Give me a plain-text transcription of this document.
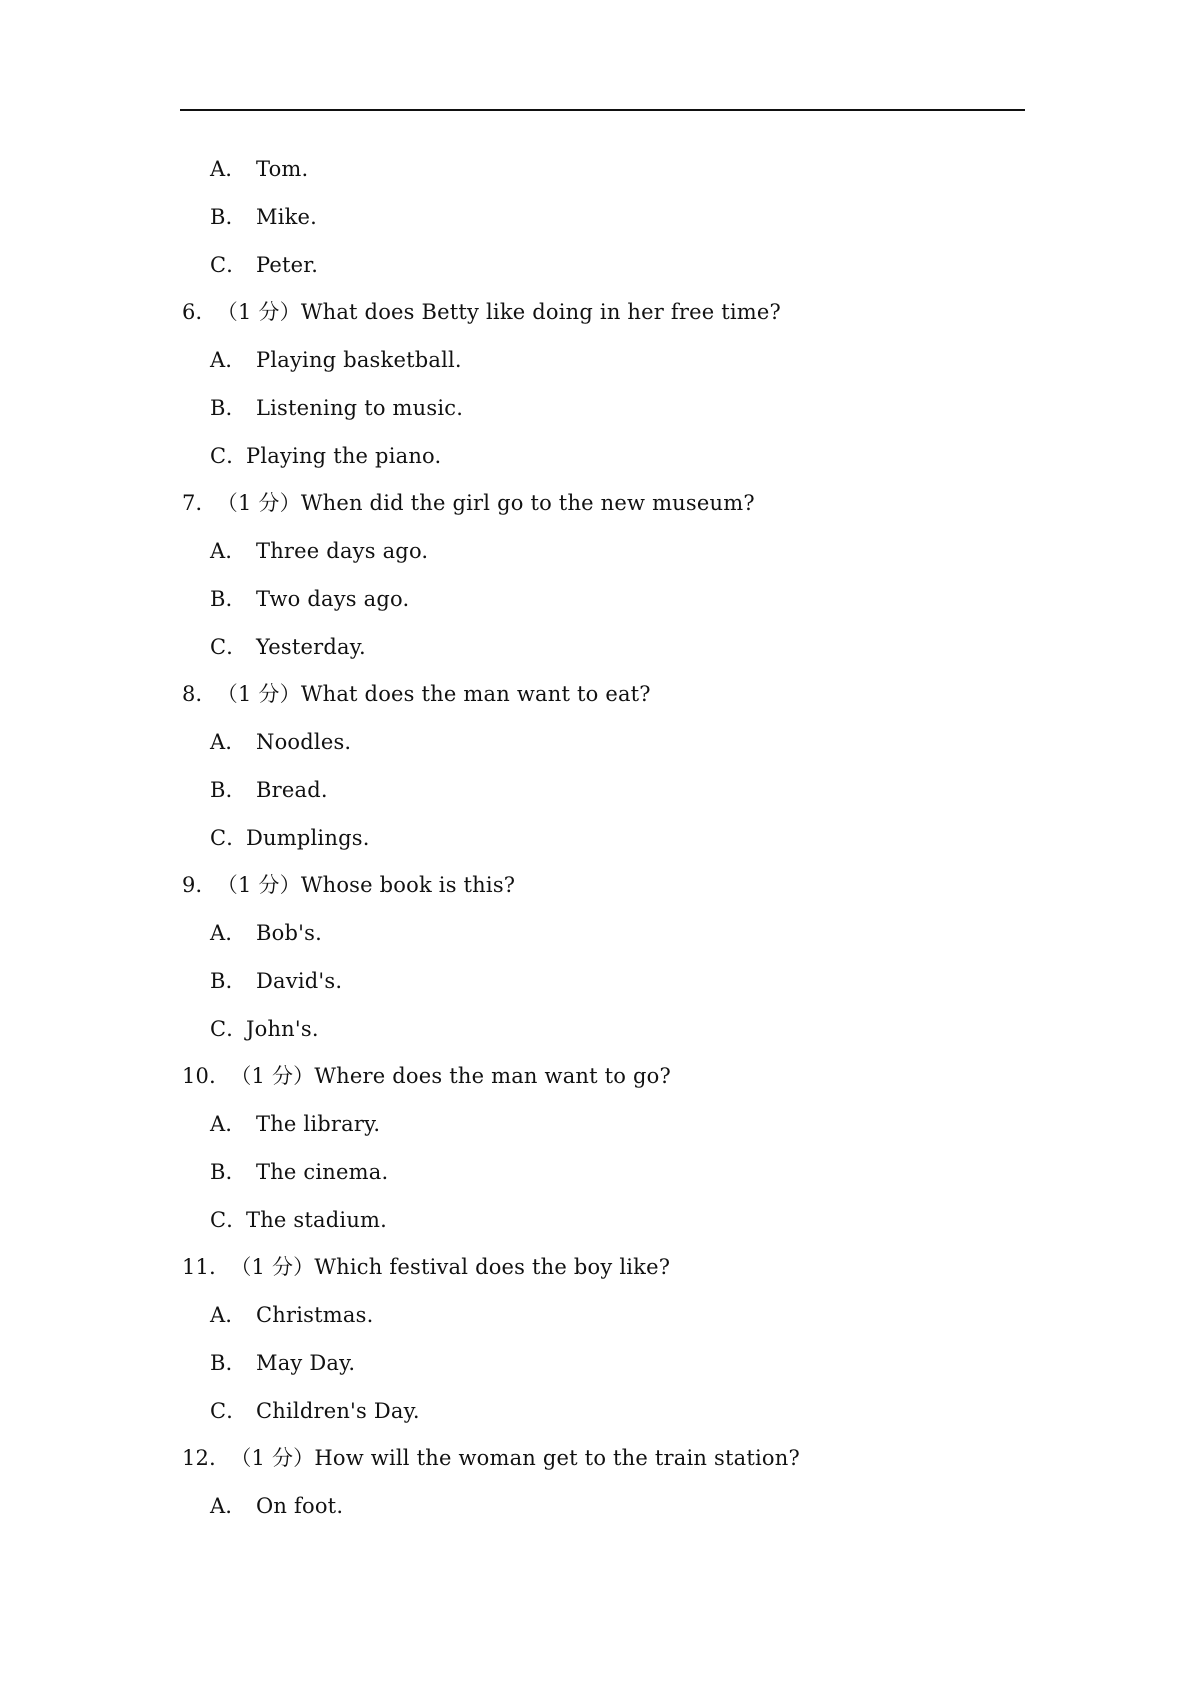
A． Tom.
B． Mike.
C． Peter.
6．（1 分）What does Betty like doing in her free time?
A． Playing basketball.
B． Listening to music.
C．Playing the piano.
7．（1 分）When did the girl go to the new museum?
A． Three days ago.
B． Two days ago.
C． Yesterday.
8．（1 分）What does the man want to eat?
A． Noodles.
B． Bread.
C．Dumplings.
9．（1 分）Whose book is this?
A． Bob's.
B． David's.
C．John's.
10．（1 分）Where does the man want to go?
A． The library.
B． The cinema.
C．The stadium.
11．（1 分）Which festival does the boy like?
A． Christmas.
B． May Day.
C． Children's Day.
12．（1 分）How will the woman get to the train station?
A． On foot.
